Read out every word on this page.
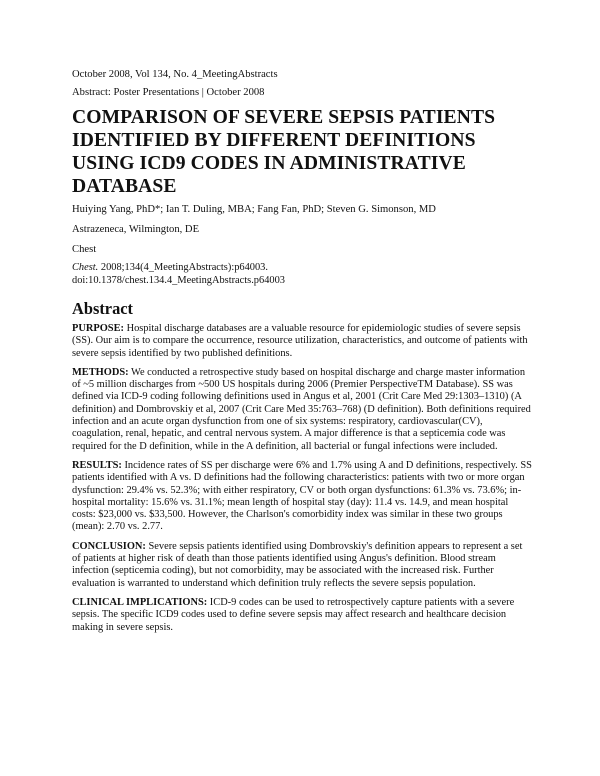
October 2008, Vol 134, No. 4_MeetingAbstracts

Abstract: Poster Presentations | October 2008

COMPARISON OF SEVERE SEPSIS PATIENTS IDENTIFIED BY DIFFERENT DEFINITIONS USING ICD9 CODES IN ADMINISTRATIVE DATABASE

Huiying Yang, PhD*; Ian T. Duling, MBA; Fang Fan, PhD; Steven G. Simonson, MD

Astrazeneca, Wilmington, DE

Chest

Chest. 2008;134(4_MeetingAbstracts):p64003.
doi:10.1378/chest.134.4_MeetingAbstracts.p64003

Abstract

PURPOSE: Hospital discharge databases are a valuable resource for epidemiologic studies of severe sepsis (SS). Our aim is to compare the occurrence, resource utilization, characteristics, and outcome of patients with severe sepsis identified by two published definitions.

METHODS: We conducted a retrospective study based on hospital discharge and charge master information of ~5 million discharges from ~500 US hospitals during 2006 (Premier PerspectiveTM Database). SS was defined via ICD-9 coding following definitions used in Angus et al, 2001 (Crit Care Med 29:1303–1310) (A definition) and Dombrovskiy et al, 2007 (Crit Care Med 35:763–768) (D definition). Both definitions required infection and an acute organ dysfunction from one of six systems: respiratory, cardiovascular(CV), coagulation, renal, hepatic, and central nervous system. A major difference is that a septicemia code was required for the D definition, while in the A definition, all bacterial or fungal infections were included.

RESULTS: Incidence rates of SS per discharge were 6% and 1.7% using A and D definitions, respectively. SS patients identified with A vs. D definitions had the following characteristics: patients with two or more organ dysfunction: 29.4% vs. 52.3%; with either respiratory, CV or both organ dysfunctions: 61.3% vs. 73.6%; in-hospital mortality: 15.6% vs. 31.1%; mean length of hospital stay (day): 11.4 vs. 14.9, and mean hospital costs: $23,000 vs. $33,500. However, the Charlson's comorbidity index was similar in these two groups (mean): 2.70 vs. 2.77.

CONCLUSION: Severe sepsis patients identified using Dombrovskiy's definition appears to represent a set of patients at higher risk of death than those patients identified using Angus's definition. Blood stream infection (septicemia coding), but not comorbidity, may be associated with the increased risk. Further evaluation is warranted to understand which definition truly reflects the severe sepsis population.

CLINICAL IMPLICATIONS: ICD-9 codes can be used to retrospectively capture patients with a severe sepsis. The specific ICD9 codes used to define severe sepsis may affect research and healthcare decision making in severe sepsis.
